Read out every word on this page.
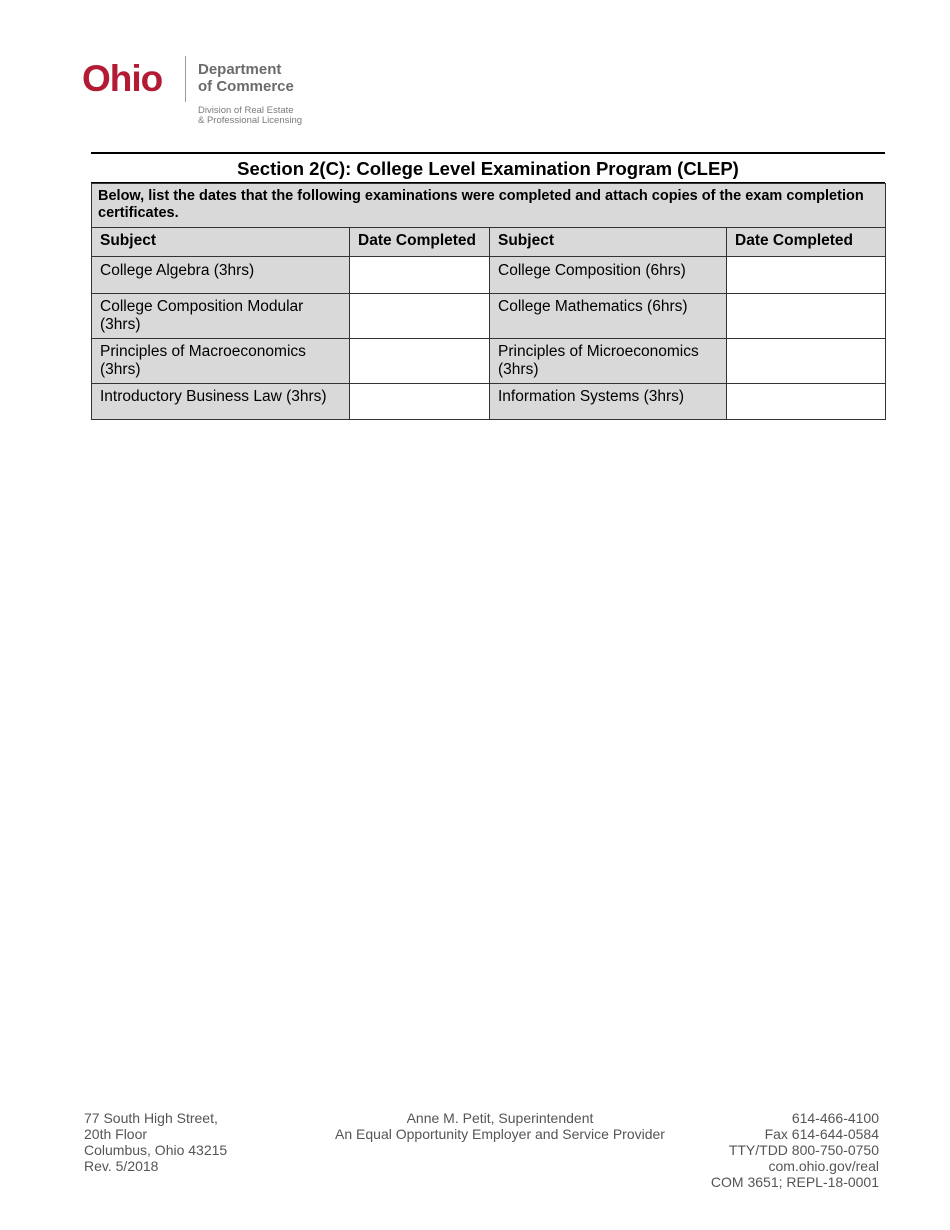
Ohio Department
of Commerce
Division of Real Estate
& Professional Licensing
Section 2(C): College Level Examination Program (CLEP)
Below, list the dates that the following examinations were completed and attach copies of the exam completion certificates.			
Subject	Date Completed	Subject	Date Completed
College Algebra (3hrs)		College Composition (6hrs)	
College Composition Modular (3hrs)		College Mathematics (6hrs)	
Principles of Macroeconomics (3hrs)		Principles of Microeconomics (3hrs)	
Introductory Business Law (3hrs)		Information Systems (3hrs)	
77 South High Street,
20th Floor
Columbus, Ohio 43215
Rev. 5/2018
Anne M. Petit, Superintendent
An Equal Opportunity Employer and Service Provider
614-466-4100
Fax 614-644-0584
TTY/TDD 800-750-0750
com.ohio.gov/real
COM 3651; REPL-18-0001
